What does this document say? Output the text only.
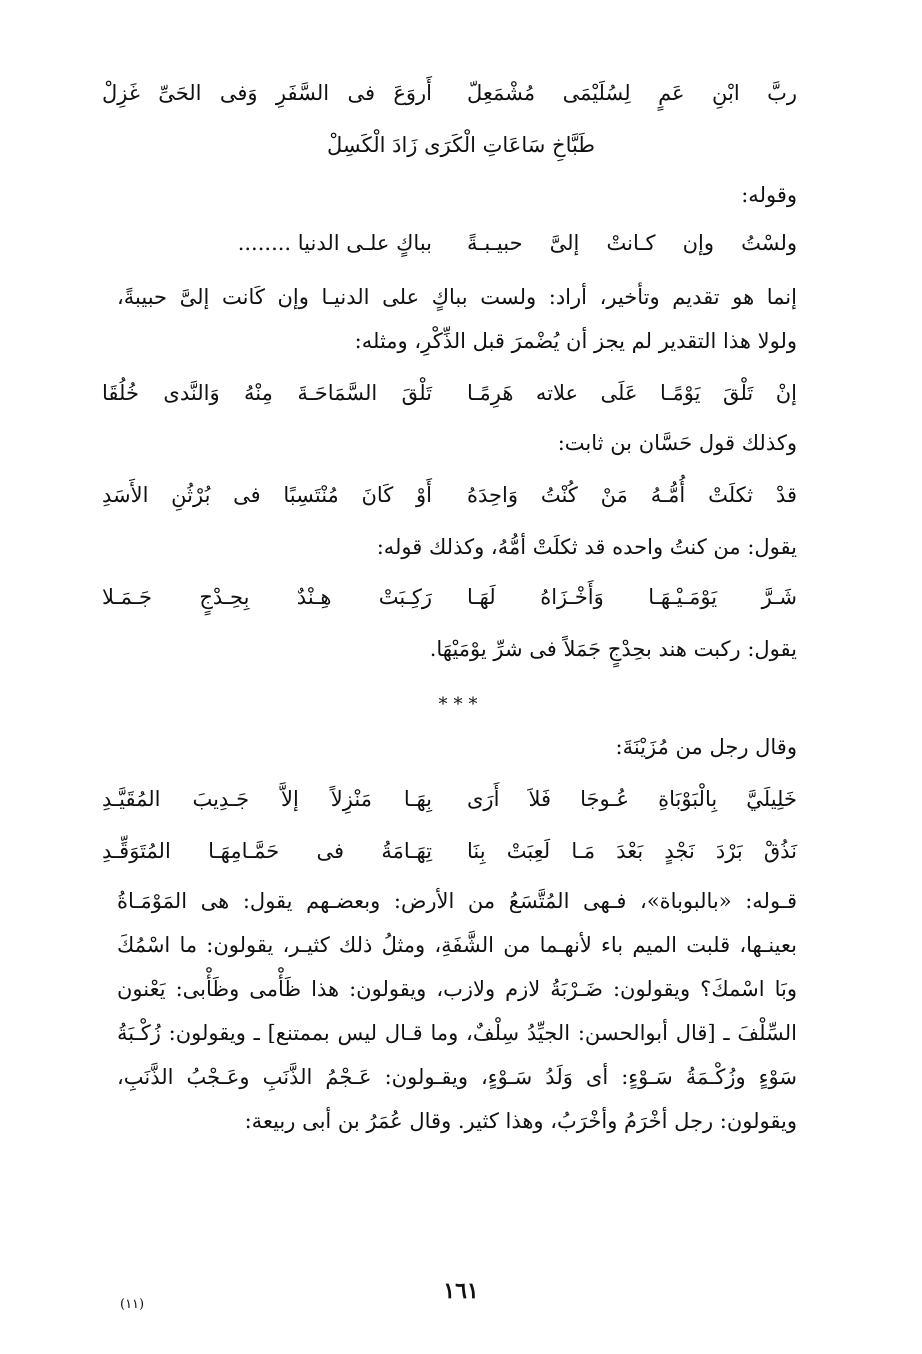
ربَّ ابْنِ عَمٍ لِسُلَيْمَى مُشْمَعِلّ
أَروَعَ فى السَّفَرِ وَفى الحَىِّ غَزِلْ
طَبَّاخِ سَاعَاتِ الْكَرَى زَادَ الْكَسِلْ
وقوله:
ولسْتُ وإن كـانتْ إلىَّ حبيـبـةً
بباكٍ علـى الدنيا ........
إنما هو تقديم وتأخير، أراد: ولست بباكٍ على الدنيـا وإن كَانت إلىَّ حبيبةً،
ولولا هذا التقدير لم يجز أن يُضْمرَ قبل الذِّكْرِ، ومثله:
إنْ تَلْقَ يَوْمًـا عَلَى علاته هَرِمًـا
تَلْقَ السَّمَاحَـةَ مِنْهُ وَالنَّدى خُلُقَا
وكذلك قول حَسَّان بن ثابت:
قدْ ثكلَتْ أُمُّـهُ مَنْ كُنْتُ وَاحِدَهُ
أَوْ كَانَ مُنْتَسِبًا فى بُرْثُنِ الأَسَدِ
يقول: من كنتُ واحده قد ثكلَتْ أمُّهُ، وكذلك قوله:
شَـرَّ يَوْمَـيْـهَـا وَأَخْـزَاهُ لَهَـا
رَكِـبَتْ هِـنْدٌ بِحِـدْجٍ جَـمَـلا
يقول: ركبت هند بحِدْجٍ جَمَلاً فى شرِّ يوْمَيْهَا.
***
وقال رجل من مُزَيْنَةَ:
خَلِيلَيَّ بِالْبَوْبَاةِ عُـوجَا فَلاَ أَرَى
بِهَـا مَنْزِلاً إلاَّ جَـدِيبَ المُقَيَّـدِ
نَذُقْ بَرْدَ نَجْدٍ بَعْدَ مَـا لَعِبَتْ بِنَا
تِهَـامَةُ فى حَمَّـامِهَـا المُتَوَقِّـدِ
قـوله: «بالبوباة»، فـهى المُتَّسَعُ من الأرض: وبعضـهم يقول: هى المَوْمَـاةُ
بعينـها، قلبت الميم باء لأنهـما من الشَّفَةِ، ومثلُ ذلك كثيـر، يقولون: ما اسْمُكَ
وبَا اسْمكَ؟ ويقولون: ضَـرْبَةُ لازم ولازب، ويقولون: هذا ظَأْمى وظَأْبى: يَعْنون
السِّلْفَ ـ [قال أبوالحسن: الجيِّدُ سِلْفٌ، وما قـال ليس بممتنع] ـ ويقولون: زُكْـبَةُ
سَوْءٍ وزُكْـمَةُ سَـوْءٍ: أى وَلَدُ سَـوْءٍ، ويقـولون: عَـجْمُ الذَّنَبِ وعَـجْبُ الذَّنَبِ،
ويقولون: رجل أخْرَمُ وأخْرَبُ، وهذا كثير. وقال عُمَرُ بن أبى ربيعة:
١٦١
(١١)
